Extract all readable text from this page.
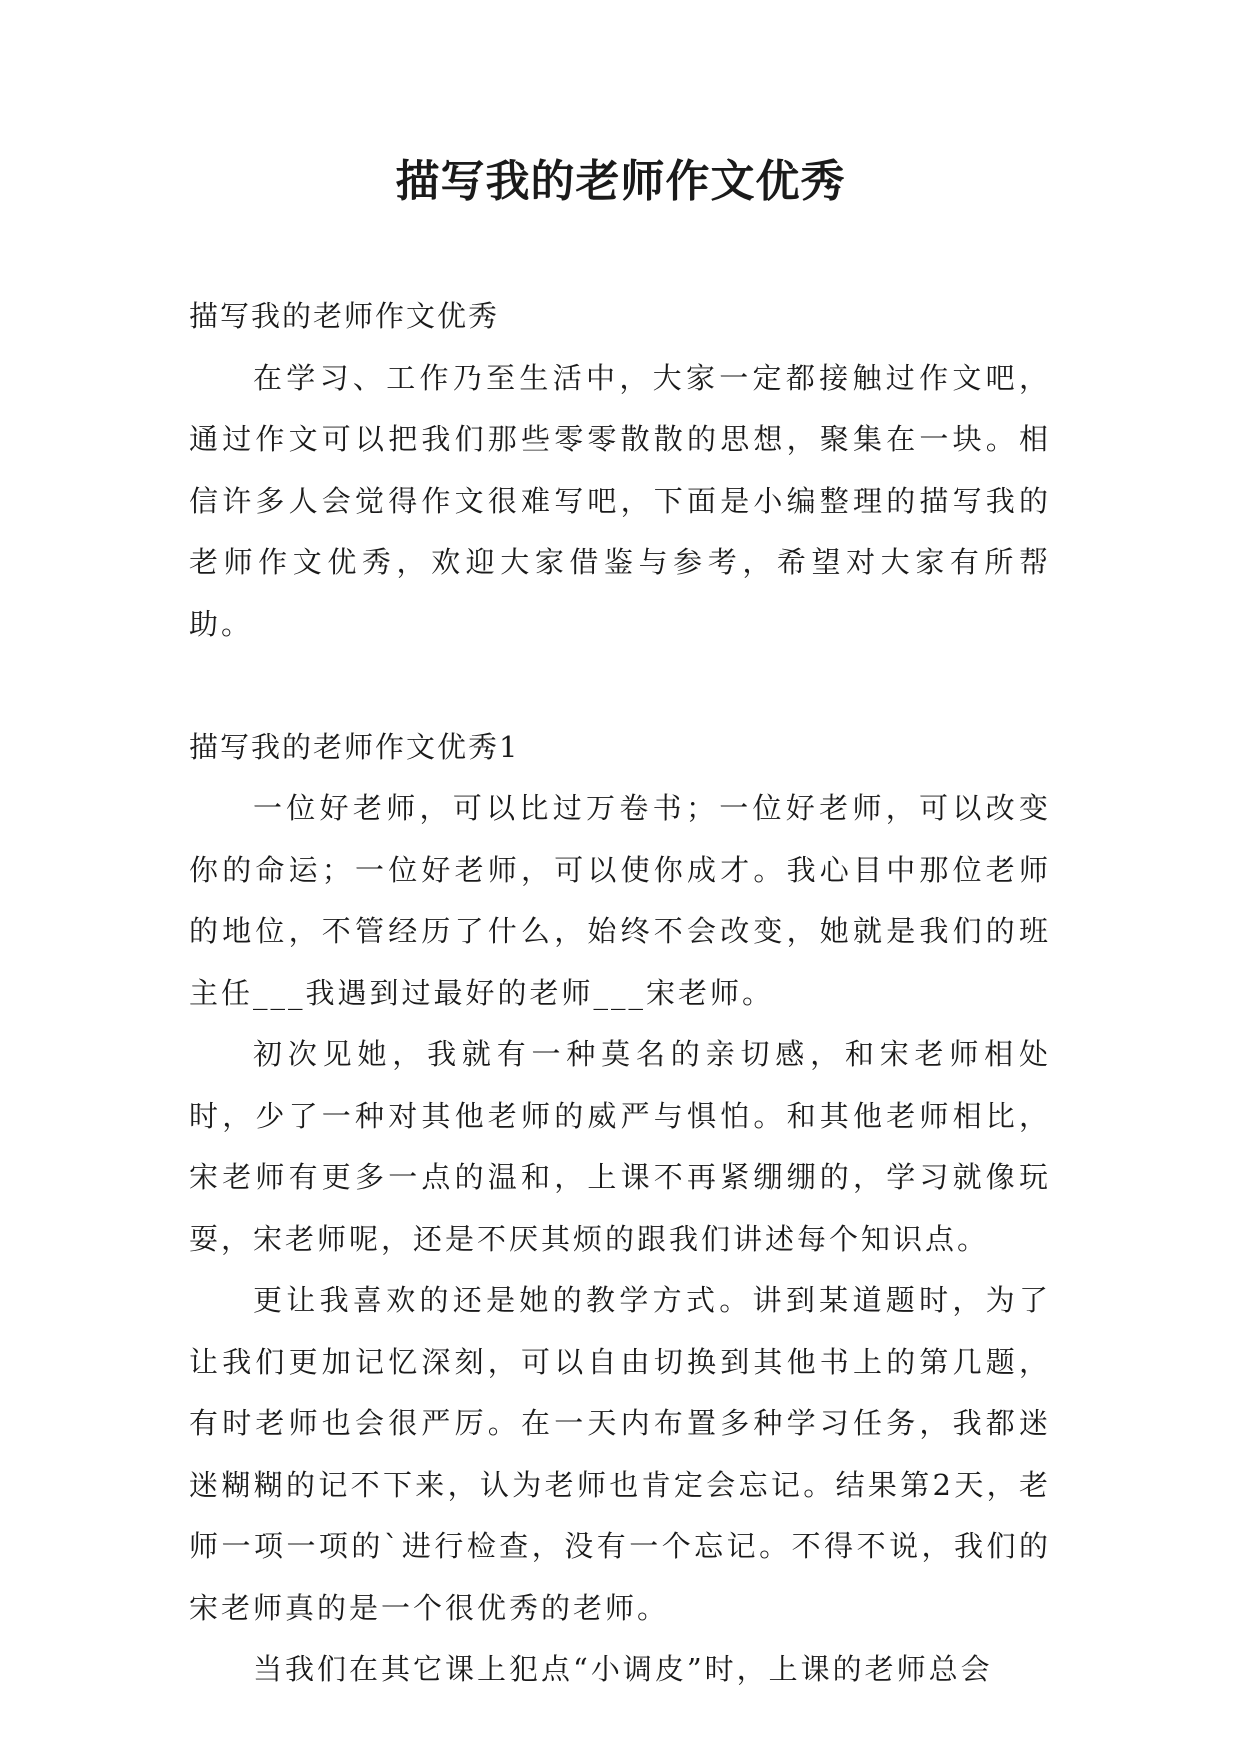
描写我的老师作文优秀

描写我的老师作文优秀

在学习、工作乃至生活中，大家一定都接触过作文吧，通过作文可以把我们那些零零散散的思想，聚集在一块。相信许多人会觉得作文很难写吧，下面是小编整理的描写我的老师作文优秀，欢迎大家借鉴与参考，希望对大家有所帮助。

描写我的老师作文优秀1

一位好老师，可以比过万卷书；一位好老师，可以改变你的命运；一位好老师，可以使你成才。我心目中那位老师的地位，不管经历了什么，始终不会改变，她就是我们的班主任___我遇到过最好的老师___宋老师。

初次见她，我就有一种莫名的亲切感，和宋老师相处时，少了一种对其他老师的威严与惧怕。和其他老师相比，宋老师有更多一点的温和，上课不再紧绷绷的，学习就像玩耍，宋老师呢，还是不厌其烦的跟我们讲述每个知识点。

更让我喜欢的还是她的教学方式。讲到某道题时，为了让我们更加记忆深刻，可以自由切换到其他书上的第几题，有时老师也会很严厉。在一天内布置多种学习任务，我都迷迷糊糊的记不下来，认为老师也肯定会忘记。结果第2天，老师一项一项的`进行检查，没有一个忘记。不得不说，我们的宋老师真的是一个很优秀的老师。

当我们在其它课上犯点“小调皮”时，上课的老师总会
